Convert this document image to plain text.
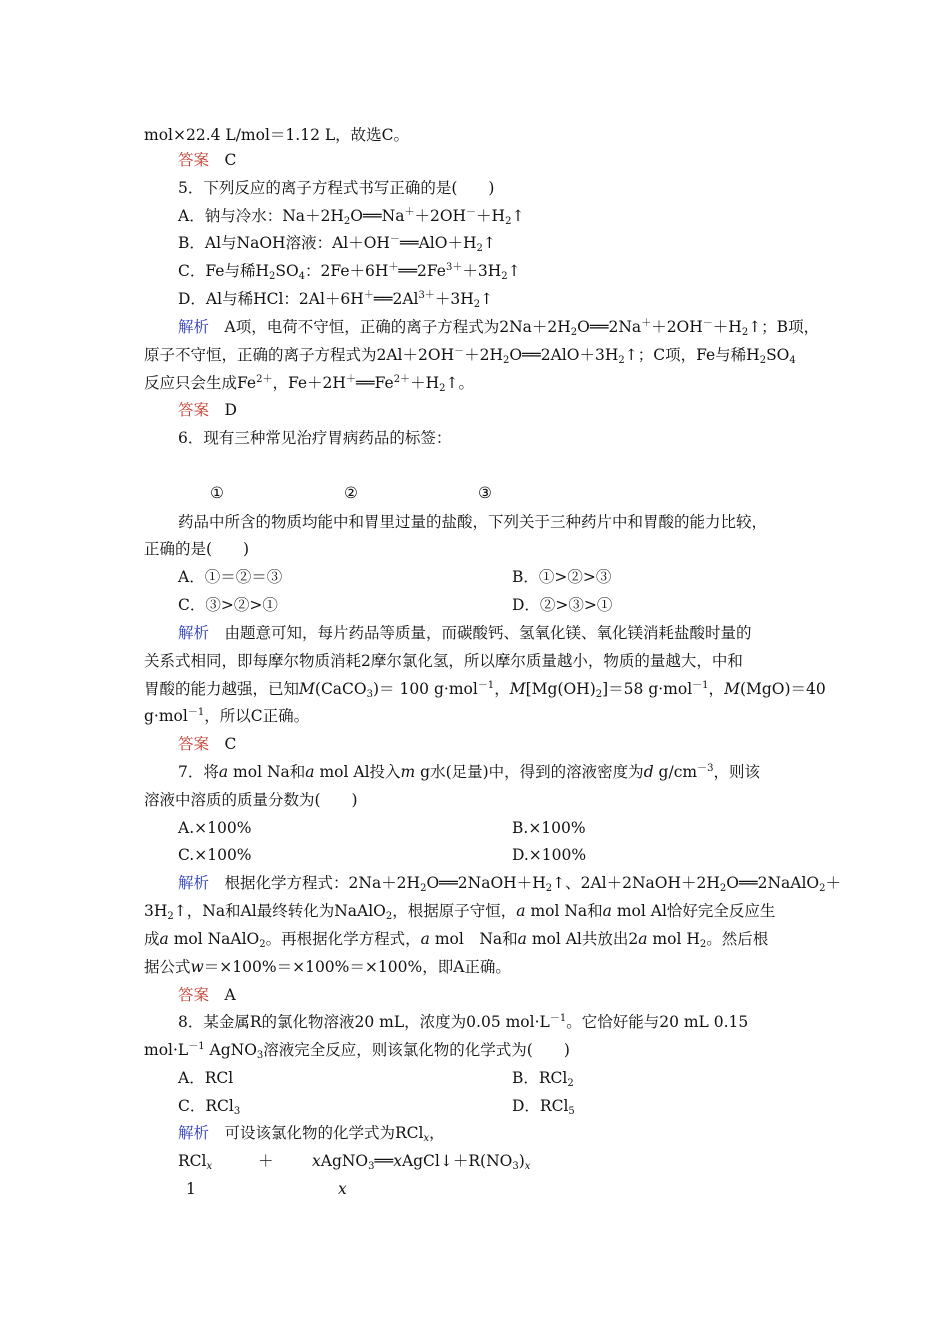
mol×22.4 L/mol＝1.12 L，故选C。
答案　C
5．下列反应的离子方程式书写正确的是(　　)
A．钠与冷水：$Na+2H_2O══Na^++2OH^-+H_2↑$
B．Al与NaOH溶液：$Al+OH^-══AlO+H_2↑$
C．Fe与稀$H_2SO_4$：$2Fe+6H^+══2Fe^{3+}+3H_2↑$
D．Al与稀HCl：$2Al+6H^+══2Al^{3+}+3H_2↑$
解析　A项，电荷不守恒，正确的离子方程式为$2Na+2H_2O══2Na^++2OH^-+H_2↑$；B项，
原子不守恒，正确的离子方程式为$2Al+2OH^-+2H_2O══2AlO+3H_2↑$；C项，Fe与稀$H_2SO_4$
反应只会生成$Fe^{2+}$，$Fe+2H^+══Fe^{2+}+H_2↑$。
答案　D
6．现有三种常见治疗胃病药品的标签：
①	②	③
药品中所含的物质均能中和胃里过量的盐酸，下列关于三种药片中和胃酸的能力比较，
正确的是(　　)
A．①＝②＝③	B．①>②>③
C．③>②>①	D．②>③>①
解析　由题意可知，每片药品等质量，而碳酸钙、氢氧化镁、氧化镁消耗盐酸时量的
关系式相同，即每摩尔物质消耗2摩尔氯化氢，所以摩尔质量越小，物质的量越大，中和
胃酸的能力越强，已知M(CaCO$_3$)＝ 100 g·mol$^{-1}$，$M[Mg(OH)_2]=58$ g·mol$^{-1}$，M(MgO)＝40
g·mol$^{-1}$，所以C正确。
答案　C
7．将a mol Na和a mol Al投入m g水(足量)中，得到的溶液密度为d $g/cm^{-3}$，则该
溶液中溶质的质量分数为(　　)
A.×100%	B.×100%
C.×100%	D.×100%
解析　根据化学方程式：$2Na+2H_2O══2NaOH+H_2↑$、$2Al+2NaOH+2H_2O══2NaAlO_2+$
$3H_2↑$，Na和Al最终转化为NaAlO$_2$，根据原子守恒，a mol Na和a mol Al恰好完全反应生
成a mol NaAlO$_2$。再根据化学方程式，a mol　Na和a mol Al共放出2a mol $H_2$。然后根
据公式w＝×100%＝×100%＝×100%，即A正确。
答案　A
8．某金属R的氯化物溶液20 mL，浓度为0.05 $mol\cdot L^{-1}$。它恰好能与20 mL 0.15
$mol\cdot L^{-1}$ AgNO$_3$溶液完全反应，则该氯化物的化学式为(　　)
A．RCl	B．RCl$_2$
C．RCl$_3$	D．RCl$_5$
解析　可设该氯化物的化学式为RCl$_x$，
RCl$_x$	＋ $xAgNO_3══xAgCl↓+R(NO_3)_x$
1	x
